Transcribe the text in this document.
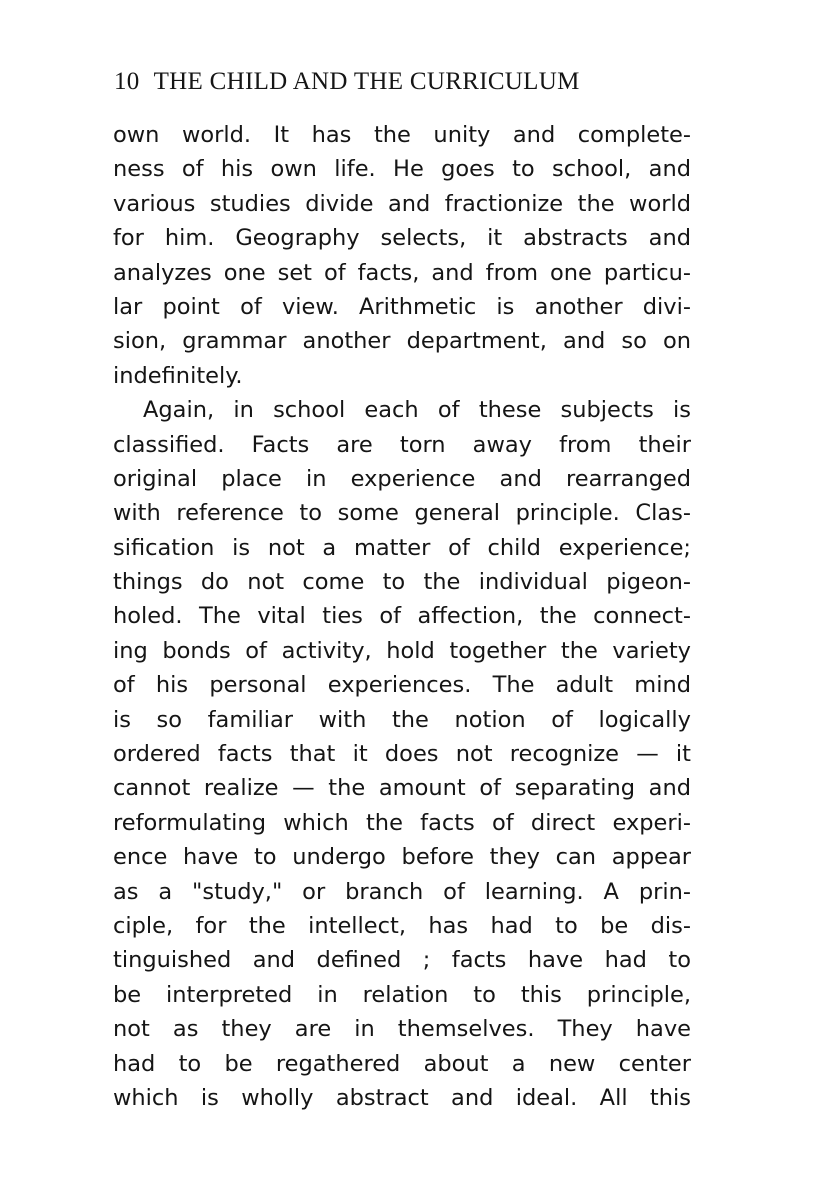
10 THE CHILD AND THE CURRICULUM
own world. It has the unity and complete-
ness of his own life. He goes to school, and
various studies divide and fractionize the world
for him. Geography selects, it abstracts and
analyzes one set of facts, and from one particu-
lar point of view. Arithmetic is another divi-
sion, grammar another department, and so on
indefinitely.
Again, in school each of these subjects is
classified. Facts are torn away from their
original place in experience and rearranged
with reference to some general principle. Clas-
sification is not a matter of child experience;
things do not come to the individual pigeon-
holed. The vital ties of affection, the connect-
ing bonds of activity, hold together the variety
of his personal experiences. The adult mind
is so familiar with the notion of logically
ordered facts that it does not recognize — it
cannot realize — the amount of separating and
reformulating which the facts of direct experi-
ence have to undergo before they can appear
as a "study," or branch of learning. A prin-
ciple, for the intellect, has had to be dis-
tinguished and defined ; facts have had to
be interpreted in relation to this principle,
not as they are in themselves. They have
had to be regathered about a new center
which is wholly abstract and ideal. All this
